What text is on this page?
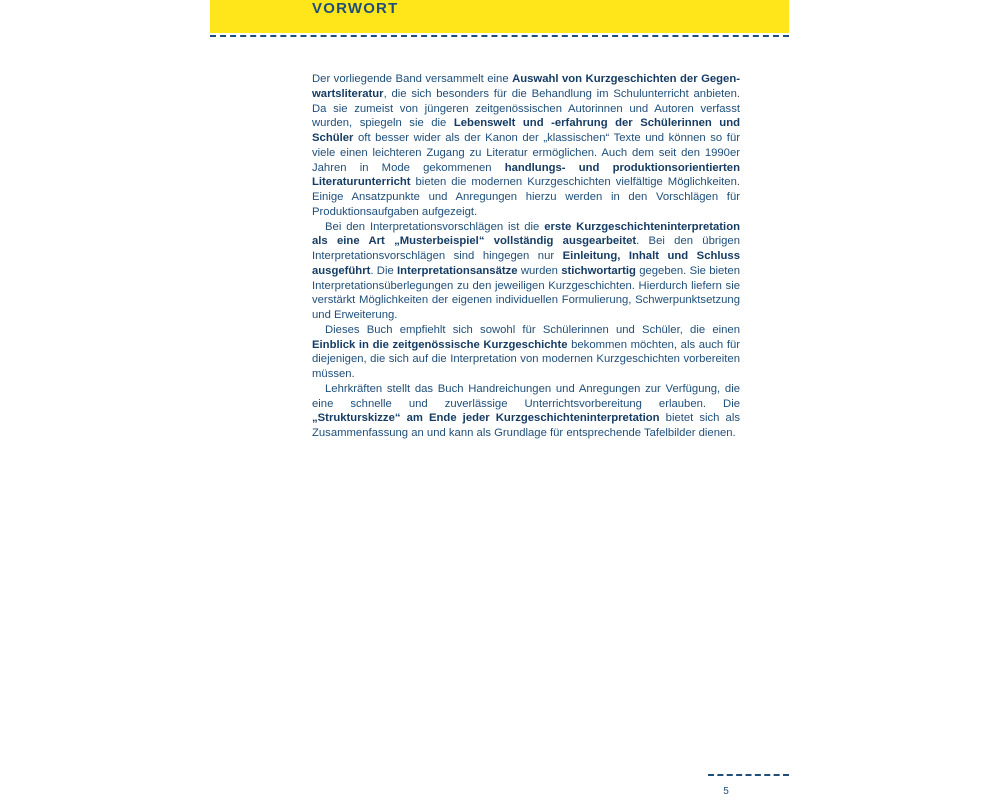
VORWORT

Der vorliegende Band versammelt eine Auswahl von Kurzgeschichten der Gegenwartsliteratur, die sich besonders für die Behandlung im Schulunterricht anbieten. Da sie zumeist von jüngeren zeitgenössischen Autorinnen und Autoren verfasst wurden, spiegeln sie die Lebenswelt und -erfahrung der Schülerinnen und Schüler oft besser wider als der Kanon der „klassischen“ Texte und können so für viele einen leichteren Zugang zu Literatur ermöglichen. Auch dem seit den 1990er Jahren in Mode gekommenen handlungs- und produktionsorientierten Literaturunterricht bieten die modernen Kurzgeschichten vielfältige Möglichkeiten. Einige Ansatzpunkte und Anregungen hierzu werden in den Vorschlägen für Produktionsaufgaben aufgezeigt.

Bei den Interpretationsvorschlägen ist die erste Kurzgeschichteninterpretation als eine Art „Musterbeispiel“ vollständig ausgearbeitet. Bei den übrigen Interpretationsvorschlägen sind hingegen nur Einleitung, Inhalt und Schluss ausgeführt. Die Interpretationsansätze wurden stichwortartig gegeben. Sie bieten Interpretationsüberlegungen zu den jeweiligen Kurzgeschichten. Hierdurch liefern sie verstärkt Möglichkeiten der eigenen individuellen Formulierung, Schwerpunktsetzung und Erweiterung.

Dieses Buch empfiehlt sich sowohl für Schülerinnen und Schüler, die einen Einblick in die zeitgenössische Kurzgeschichte bekommen möchten, als auch für diejenigen, die sich auf die Interpretation von modernen Kurzgeschichten vorbereiten müssen.

Lehrkräften stellt das Buch Handreichungen und Anregungen zur Verfügung, die eine schnelle und zuverlässige Unterrichtsvorbereitung erlauben. Die „Strukturskizze“ am Ende jeder Kurzgeschichteninterpretation bietet sich als Zusammenfassung an und kann als Grundlage für entsprechende Tafelbilder dienen.

5
